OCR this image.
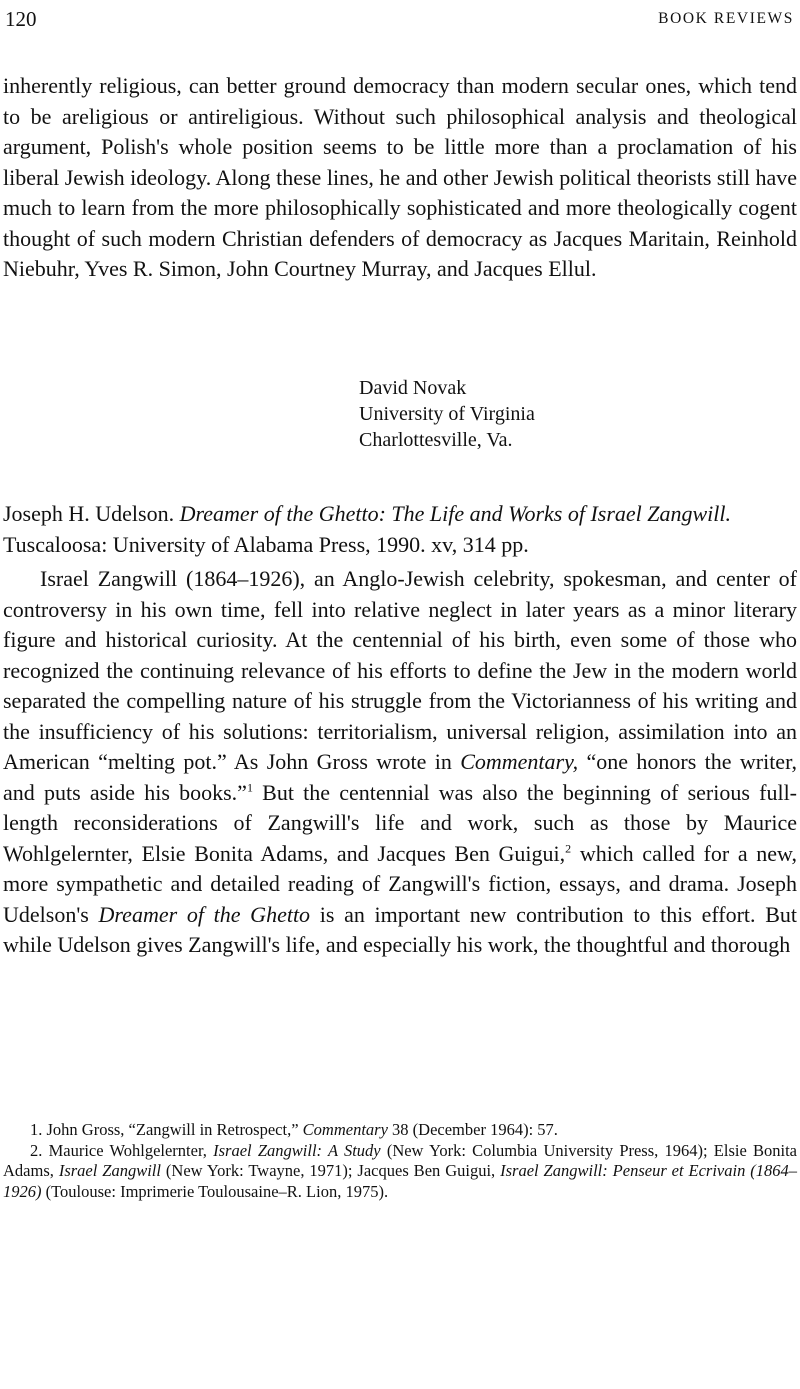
120	BOOK REVIEWS

inherently religious, can better ground democracy than modern secular ones, which tend to be areligious or antireligious. Without such philosophical analysis and theological argument, Polish's whole position seems to be little more than a proclamation of his liberal Jewish ideology. Along these lines, he and other Jewish political theorists still have much to learn from the more philosophically sophisticated and more theologically cogent thought of such modern Christian defenders of democracy as Jacques Maritain, Reinhold Niebuhr, Yves R. Simon, John Courtney Murray, and Jacques Ellul.

David Novak
University of Virginia
Charlottesville, Va.

Joseph H. Udelson. Dreamer of the Ghetto: The Life and Works of Israel Zangwill. Tuscaloosa: University of Alabama Press, 1990. xv, 314 pp.

Israel Zangwill (1864–1926), an Anglo-Jewish celebrity, spokesman, and center of controversy in his own time, fell into relative neglect in later years as a minor literary figure and historical curiosity. At the centennial of his birth, even some of those who recognized the continuing relevance of his efforts to define the Jew in the modern world separated the compelling nature of his struggle from the Victorianness of his writing and the insufficiency of his solutions: territorialism, universal religion, assimilation into an American “melting pot.” As John Gross wrote in Commentary, “one honors the writer, and puts aside his books.”$^1$ But the centennial was also the beginning of serious full-length reconsiderations of Zangwill's life and work, such as those by Maurice Wohlgelernter, Elsie Bonita Adams, and Jacques Ben Guigui,$^2$ which called for a new, more sympathetic and detailed reading of Zangwill's fiction, essays, and drama. Joseph Udelson's Dreamer of the Ghetto is an important new contribution to this effort. But while Udelson gives Zangwill's life, and especially his work, the thoughtful and thorough

1. John Gross, “Zangwill in Retrospect,” Commentary 38 (December 1964): 57.

2. Maurice Wohlgelernter, Israel Zangwill: A Study (New York: Columbia University Press, 1964); Elsie Bonita Adams, Israel Zangwill (New York: Twayne, 1971); Jacques Ben Guigui, Israel Zangwill: Penseur et Ecrivain (1864–1926) (Toulouse: Imprimerie Toulousaine–R. Lion, 1975).
